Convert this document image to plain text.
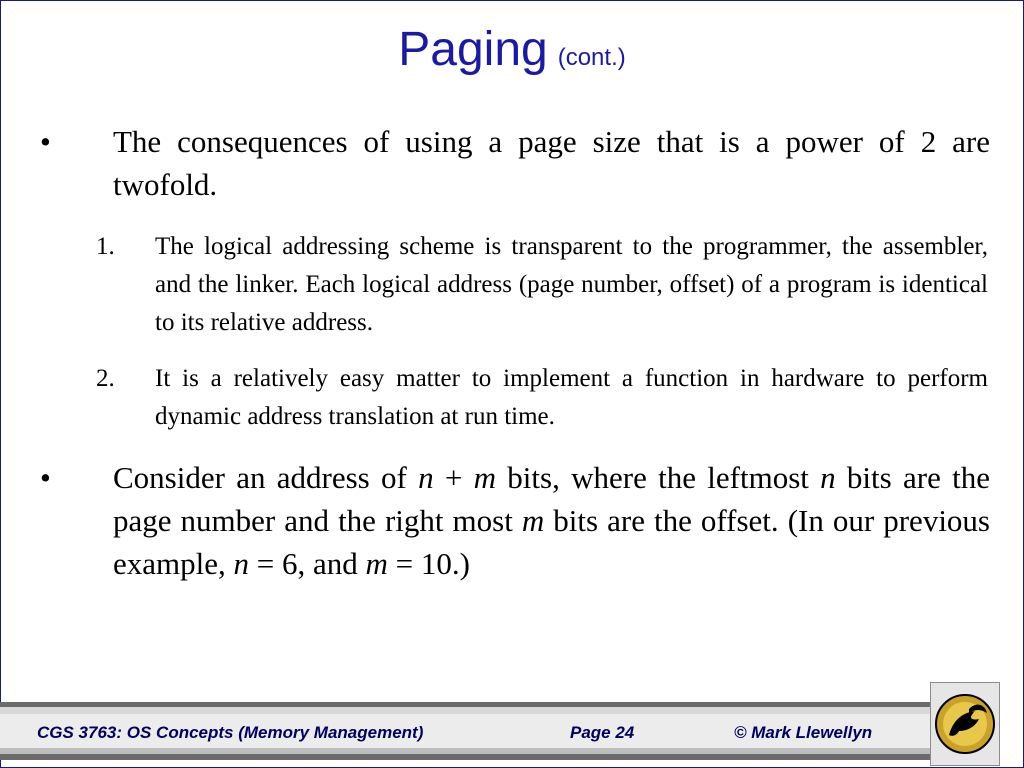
Paging (cont.)
•	The consequences of using a page size that is a power of 2 are twofold.
1. The logical addressing scheme is transparent to the programmer, the assembler, and the linker. Each logical address (page number, offset) of a program is identical to its relative address.
2. It is a relatively easy matter to implement a function in hardware to perform dynamic address translation at run time.
•	Consider an address of n + m bits, where the leftmost n bits are the page number and the right most m bits are the offset. (In our previous example, n = 6, and m = 10.)
CGS 3763: OS Concepts (Memory Management)	Page 24	© Mark Llewellyn
